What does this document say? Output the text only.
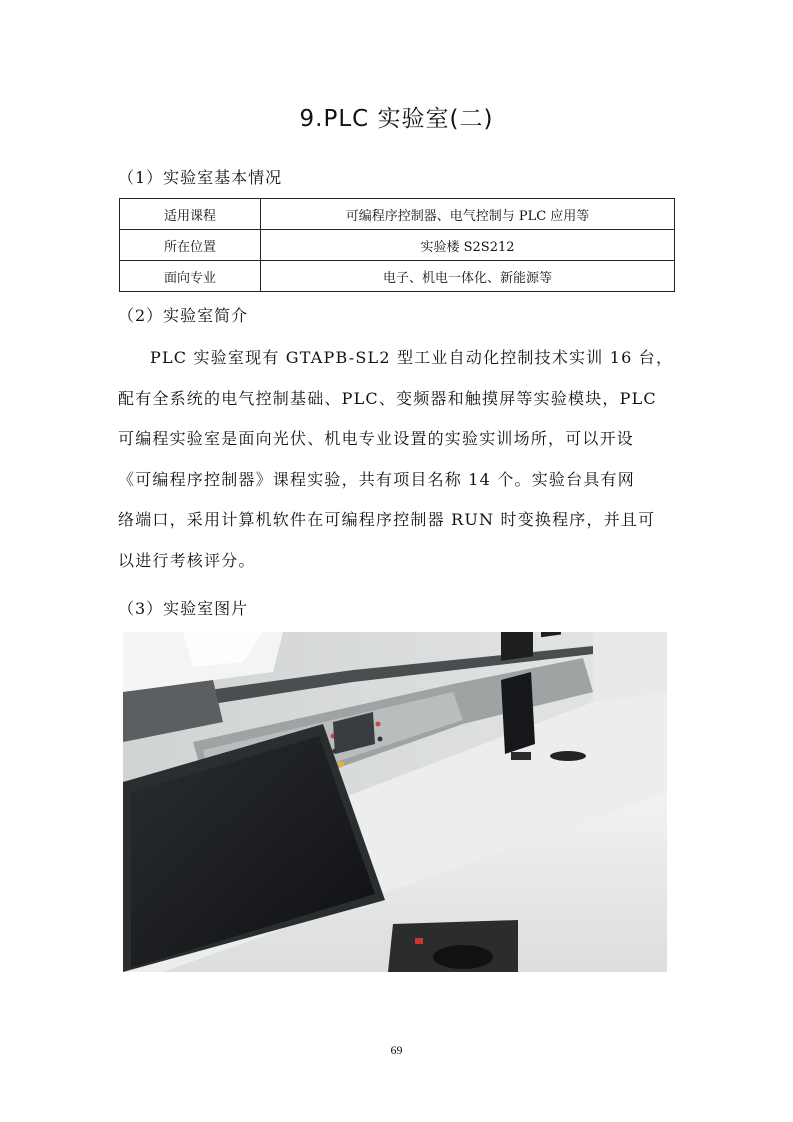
9.PLC 实验室(二)
（1）实验室基本情况
适用课程	可编程序控制器、电气控制与 PLC 应用等
所在位置	实验楼 S2S212
面向专业	电子、机电一体化、新能源等
（2）实验室简介
PLC 实验室现有 GTAPB-SL2 型工业自动化控制技术实训 16 台，
配有全系统的电气控制基础、PLC、变频器和触摸屏等实验模块，PLC
可编程实验室是面向光伏、机电专业设置的实验实训场所，可以开设
《可编程序控制器》课程实验，共有项目名称 14 个。实验台具有网
络端口，采用计算机软件在可编程序控制器 RUN 时变换程序，并且可
以进行考核评分。
（3）实验室图片
69
